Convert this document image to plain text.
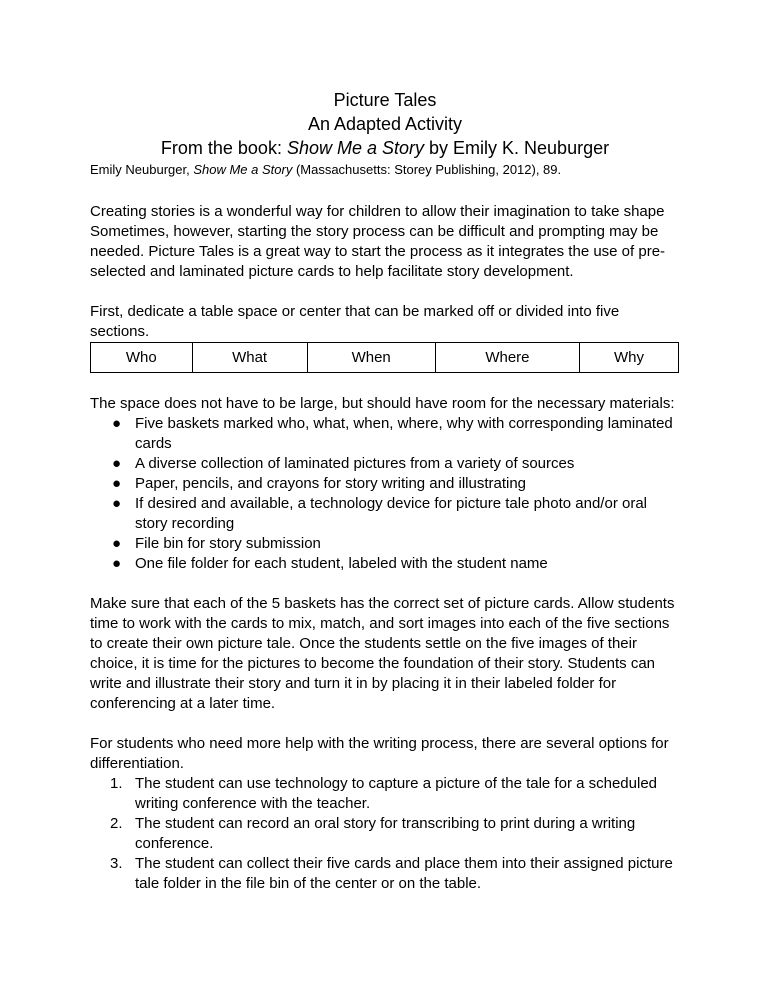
Picture Tales
An Adapted Activity
From the book: Show Me a Story by Emily K. Neuburger
Emily Neuburger, Show Me a Story (Massachusetts: Storey Publishing, 2012), 89.

Creating stories is a wonderful way for children to allow their imagination to take shape Sometimes, however, starting the story process can be difficult and prompting may be needed. Picture Tales is a great way to start the process as it integrates the use of pre-selected and laminated picture cards to help facilitate story development.

First, dedicate a table space or center that can be marked off or divided into five sections.

Who	What	When	Where	Why

The space does not have to be large, but should have room for the necessary materials:

● Five baskets marked who, what, when, where, why with corresponding laminated cards
● A diverse collection of laminated pictures from a variety of sources
● Paper, pencils, and crayons for story writing and illustrating
● If desired and available, a technology device for picture tale photo and/or oral story recording
● File bin for story submission
● One file folder for each student, labeled with the student name

Make sure that each of the 5 baskets has the correct set of picture cards. Allow students time to work with the cards to mix, match, and sort images into each of the five sections to create their own picture tale. Once the students settle on the five images of their choice, it is time for the pictures to become the foundation of their story. Students can write and illustrate their story and turn it in by placing it in their labeled folder for conferencing at a later time.

For students who need more help with the writing process, there are several options for differentiation.

1. The student can use technology to capture a picture of the tale for a scheduled writing conference with the teacher.
2. The student can record an oral story for transcribing to print during a writing conference.
3. The student can collect their five cards and place them into their assigned picture tale folder in the file bin of the center or on the table.
